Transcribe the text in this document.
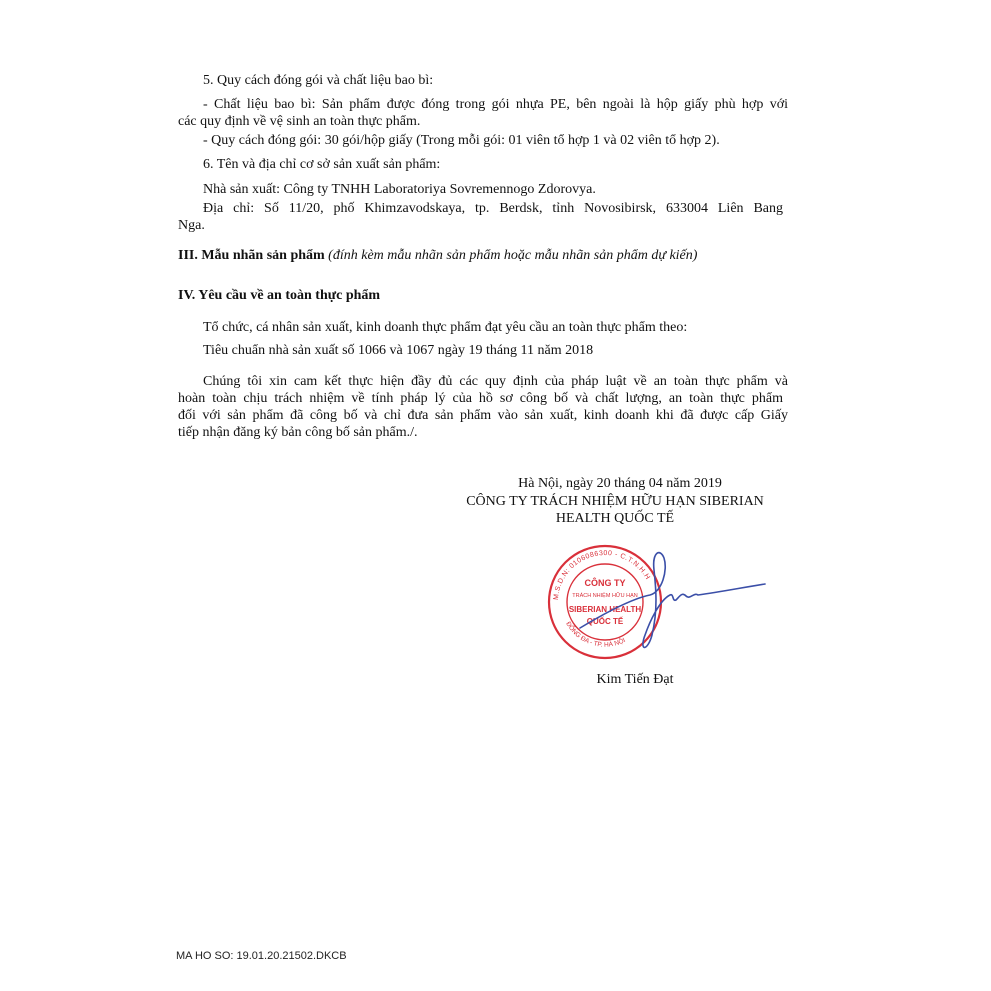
5. Quy cách đóng gói và chất liệu bao bì:
- Chất liệu bao bì: Sản phẩm được đóng trong gói nhựa PE, bên ngoài là hộp giấy phù hợp với
các quy định về vệ sinh an toàn thực phẩm.
- Quy cách đóng gói: 30 gói/hộp giấy (Trong mỗi gói: 01 viên tổ hợp 1 và 02 viên tổ hợp 2).
6. Tên và địa chỉ cơ sở sản xuất sản phẩm:
Nhà sản xuất: Công ty TNHH Laboratoriya Sovremennogo Zdorovya.
Địa chỉ: Số 11/20, phố Khimzavodskaya, tp. Berdsk, tỉnh Novosibirsk, 633004 Liên Bang
Nga.
III. Mẫu nhãn sản phẩm (đính kèm mẫu nhãn sản phẩm hoặc mẫu nhãn sản phẩm dự kiến)
IV. Yêu cầu về an toàn thực phẩm
Tổ chức, cá nhân sản xuất, kinh doanh thực phẩm đạt yêu cầu an toàn thực phẩm theo:
Tiêu chuẩn nhà sản xuất số 1066 và 1067 ngày 19 tháng 11 năm 2018
Chúng tôi xin cam kết thực hiện đầy đủ các quy định của pháp luật về an toàn thực phẩm và
hoàn toàn chịu trách nhiệm về tính pháp lý của hồ sơ công bố và chất lượng, an toàn thực phẩm
đối với sản phẩm đã công bố và chỉ đưa sản phẩm vào sản xuất, kinh doanh khi đã được cấp Giấy
tiếp nhận đăng ký bản công bố sản phẩm./.
Hà Nội, ngày 20 tháng 04 năm 2019
CÔNG TY TRÁCH NHIỆM HỮU HẠN SIBERIAN
HEALTH QUỐC TẾ
M.S.D.N: 0106086300 - C.T.N.H.H
ĐỐNG ĐA - TP. HÀ NỘI
CÔNG TY
TRÁCH NHIỆM HỮU HẠN
SIBERIAN HEALTH
QUỐC TẾ
Kim Tiến Đạt
MA HO SO: 19.01.20.21502.DKCB
